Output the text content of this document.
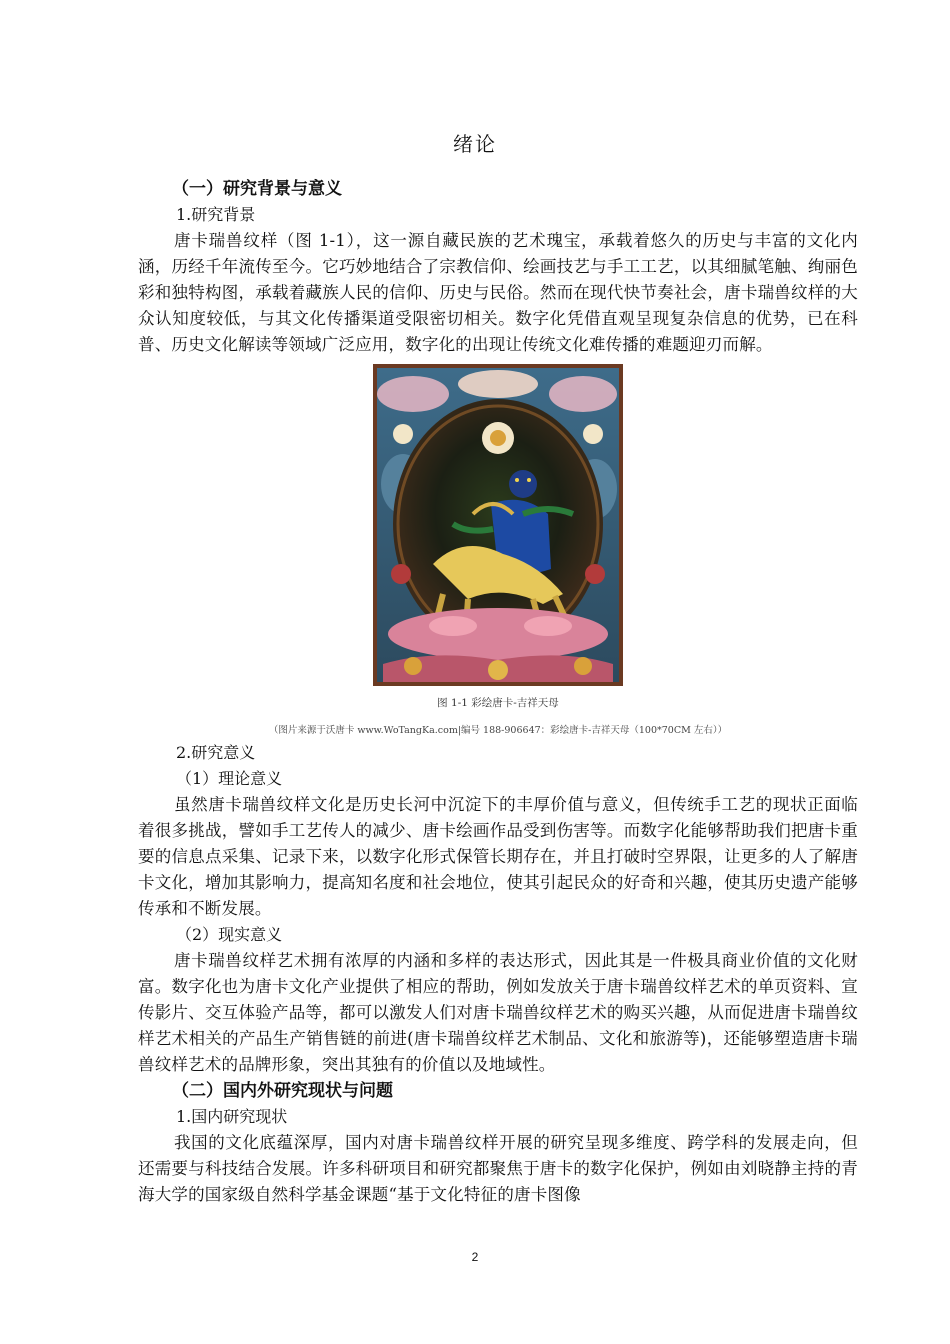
绪论
（一）研究背景与意义
1.研究背景

唐卡瑞兽纹样（图 1-1），这一源自藏民族的艺术瑰宝，承载着悠久的历史与丰富的文化内涵，历经千年流传至今。它巧妙地结合了宗教信仰、绘画技艺与手工工艺，以其细腻笔触、绚丽色彩和独特构图，承载着藏族人民的信仰、历史与民俗。然而在现代快节奏社会，唐卡瑞兽纹样的大众认知度较低，与其文化传播渠道受限密切相关。数字化凭借直观呈现复杂信息的优势，已在科普、历史文化解读等领域广泛应用，数字化的出现让传统文化难传播的难题迎刃而解。

图 1-1 彩绘唐卡-吉祥天母
（图片来源于沃唐卡 www.WoTangKa.com|编号 188-906647：彩绘唐卡-吉祥天母（100*70CM 左右））
2.研究意义
（1）理论意义

虽然唐卡瑞兽纹样文化是历史长河中沉淀下的丰厚价值与意义，但传统手工艺的现状正面临着很多挑战，譬如手工艺传人的减少、唐卡绘画作品受到伤害等。而数字化能够帮助我们把唐卡重要的信息点采集、记录下来，以数字化形式保管长期存在，并且打破时空界限，让更多的人了解唐卡文化，增加其影响力，提高知名度和社会地位，使其引起民众的好奇和兴趣，使其历史遗产能够传承和不断发展。

（2）现实意义

唐卡瑞兽纹样艺术拥有浓厚的内涵和多样的表达形式，因此其是一件极具商业价值的文化财富。数字化也为唐卡文化产业提供了相应的帮助，例如发放关于唐卡瑞兽纹样艺术的单页资料、宣传影片、交互体验产品等，都可以激发人们对唐卡瑞兽纹样艺术的购买兴趣，从而促进唐卡瑞兽纹样艺术相关的产品生产销售链的前进(唐卡瑞兽纹样艺术制品、文化和旅游等)，还能够塑造唐卡瑞兽纹样艺术的品牌形象，突出其独有的价值以及地域性。

（二）国内外研究现状与问题
1.国内研究现状

我国的文化底蕴深厚，国内对唐卡瑞兽纹样开展的研究呈现多维度、跨学科的发展走向，但还需要与科技结合发展。许多科研项目和研究都聚焦于唐卡的数字化保护，例如由刘晓静主持的青海大学的国家级自然科学基金课题“基于文化特征的唐卡图像

2
